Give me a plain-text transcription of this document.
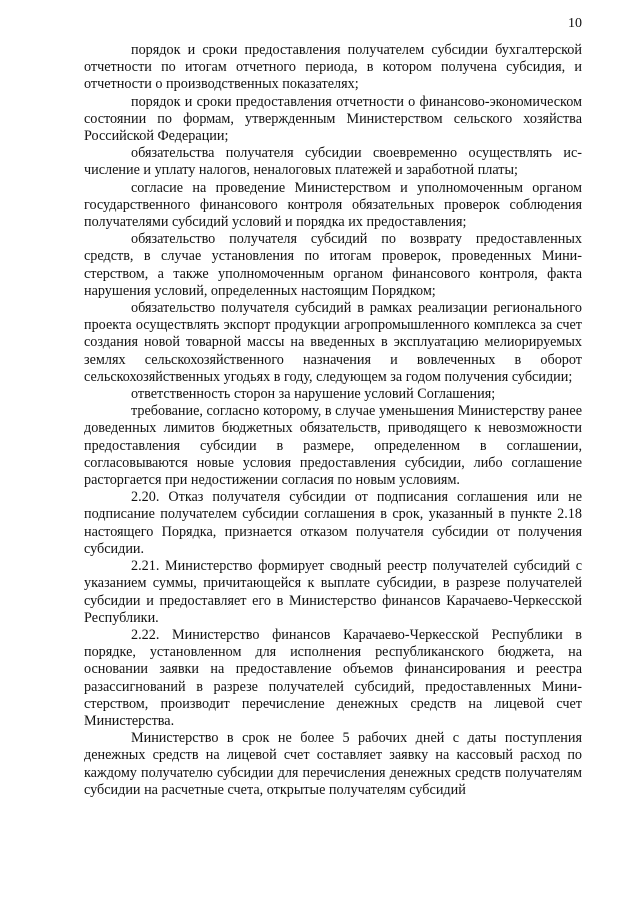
10

порядок и сроки предоставления получателем субсидии бухгалтерской отчетности по итогам отчетного периода, в котором получена субсидия, и отчетности о производственных показателях;

порядок и сроки предоставления отчетности о финансово-экономическом состоянии по формам, утвержденным Министерством сельского хозяйства Российской Федерации;

обязательства получателя субсидии своевременно осуществлять исчисление и уплату налогов, неналоговых платежей и заработной платы;

согласие на проведение Министерством и уполномоченным органом государственного финансового контроля обязательных проверок соблюдения получателями субсидий условий и порядка их предоставления;

обязательство получателя субсидий по возврату предоставленных средств, в случае установления по итогам проверок, проведенных Министерством, а также уполномоченным органом финансового контроля, факта нарушения условий, определенных настоящим Порядком;

обязательство получателя субсидий в рамках реализации регионального проекта осуществлять экспорт продукции агропромышленного комплекса за счет создания новой товарной массы на введенных в эксплуатацию мелиорируемых землях сельскохозяйственного назначения и вовлеченных в оборот сельскохозяйственных угодьях в году, следующем за годом получения субсидии;

ответственность сторон за нарушение условий Соглашения;

требование, согласно которому, в случае уменьшения Министерству ранее доведенных лимитов бюджетных обязательств, приводящего к невозможности предоставления субсидии в размере, определенном в соглашении, согласовываются новые условия предоставления субсидии, либо соглашение расторгается при недостижении согласия по новым условиям.

2.20. Отказ получателя субсидии от подписания соглашения или не подписание получателем субсидии соглашения в срок, указанный в пункте 2.18 настоящего Порядка, признается отказом получателя субсидии от получения субсидии.

2.21. Министерство формирует сводный реестр получателей субсидий с указанием суммы, причитающейся к выплате субсидии, в разрезе получателей субсидии и предоставляет его в Министерство финансов Карачаево-Черкесской Республики.

2.22. Министерство финансов Карачаево-Черкесской Республики в порядке, установленном для исполнения республиканского бюджета, на основании заявки на предоставление объемов финансирования и реестра разассигнований в разрезе получателей субсидий, предоставленных Министерством, производит перечисление денежных средств на лицевой счет Министерства.

Министерство в срок не более 5 рабочих дней с даты поступления денежных средств на лицевой счет составляет заявку на кассовый расход по каждому получателю субсидии для перечисления денежных средств получателям субсидии на расчетные счета, открытые получателям субсидий
